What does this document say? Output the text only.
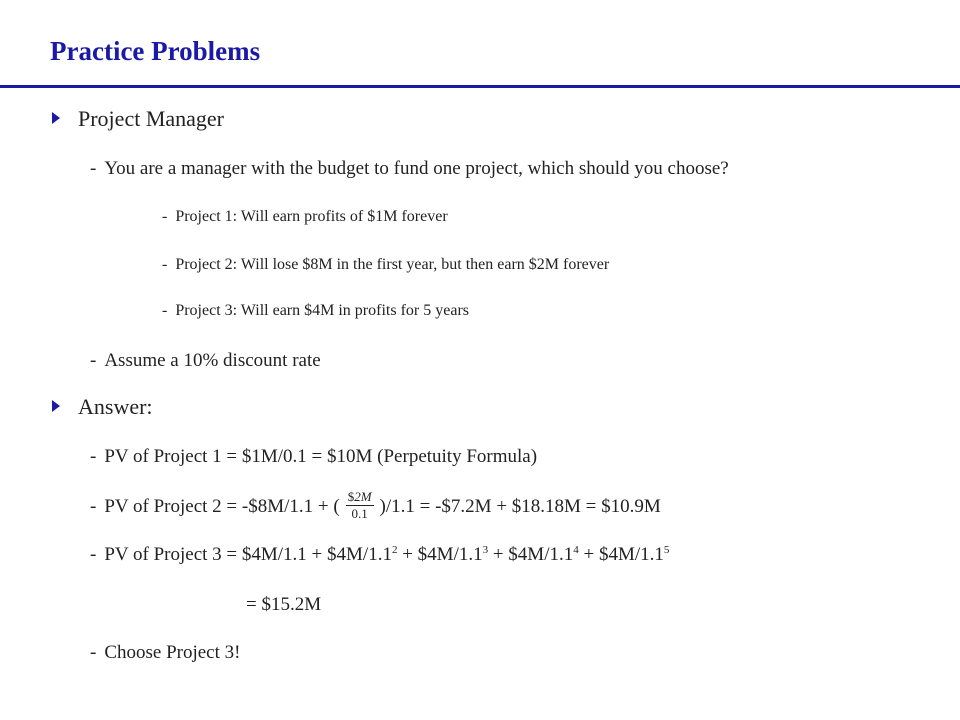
Practice Problems
Project Manager
- You are a manager with the budget to fund one project, which should you choose?
- Project 1: Will earn profits of $1M forever
- Project 2: Will lose $8M in the first year, but then earn $2M forever
- Project 3: Will earn $4M in profits for 5 years
- Assume a 10% discount rate
Answer:
- PV of Project 1 = $1M/0.1 = $10M (Perpetuity Formula)
- PV of Project 2 = -$8M/1.1 + ( $\frac{\$2M}{0.1} )/1.1$ = -$7.2M + $18.18M = $10.9M
- PV of Project 3 = $4M/1.1 + $\$4M/1.1^2$ + $\$4M/1.1^3$ + $\$4M/1.1^4$ + $\$4M/1.1^5$
= $15.2M
- Choose Project 3!
